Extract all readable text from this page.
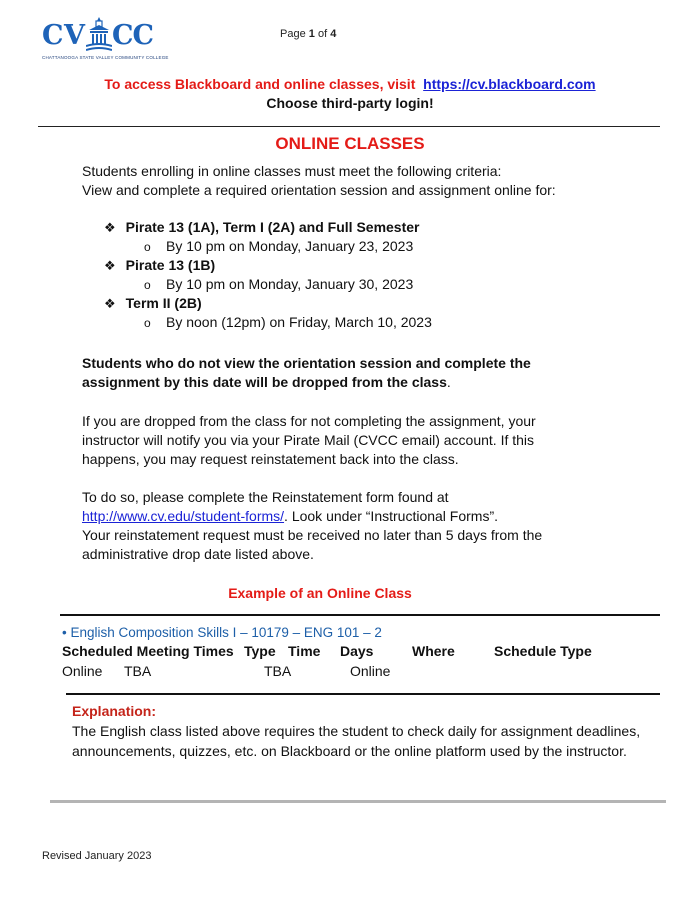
C V CC
CHATTANOOGA STATE VALLEY COMMUNITY COLLEGE
Page 1 of 4
To access Blackboard and online classes, visit https://cv.blackboard.com
Choose third-party login!
ONLINE CLASSES
Students enrolling in online classes must meet the following criteria:
View and complete a required orientation session and assignment online for:
❖ Pirate 13 (1A), Term I (2A) and Full Semester
o By 10 pm on Monday, January 23, 2023
❖ Pirate 13 (1B)
o By 10 pm on Monday, January 30, 2023
❖ Term II (2B)
o By noon (12pm) on Friday, March 10, 2023
Students who do not view the orientation session and complete the
assignment by this date will be dropped from the class.
If you are dropped from the class for not completing the assignment, your
instructor will notify you via your Pirate Mail (CVCC email) account. If this
happens, you may request reinstatement back into the class.
To do so, please complete the Reinstatement form found at
http://www.cv.edu/student-forms/. Look under “Instructional Forms”.
Your reinstatement request must be received no later than 5 days from the
administrative drop date listed above.
Example of an Online Class
• English Composition Skills I – 10179 – ENG 101 – 2
Scheduled Meeting Times Type Time Days	Where	Schedule Type
Online TBA	TBA	Online
Explanation:
The English class listed above requires the student to check daily for assignment deadlines, announcements, quizzes, etc. on Blackboard or the online platform used by the instructor.
Revised January 2023
